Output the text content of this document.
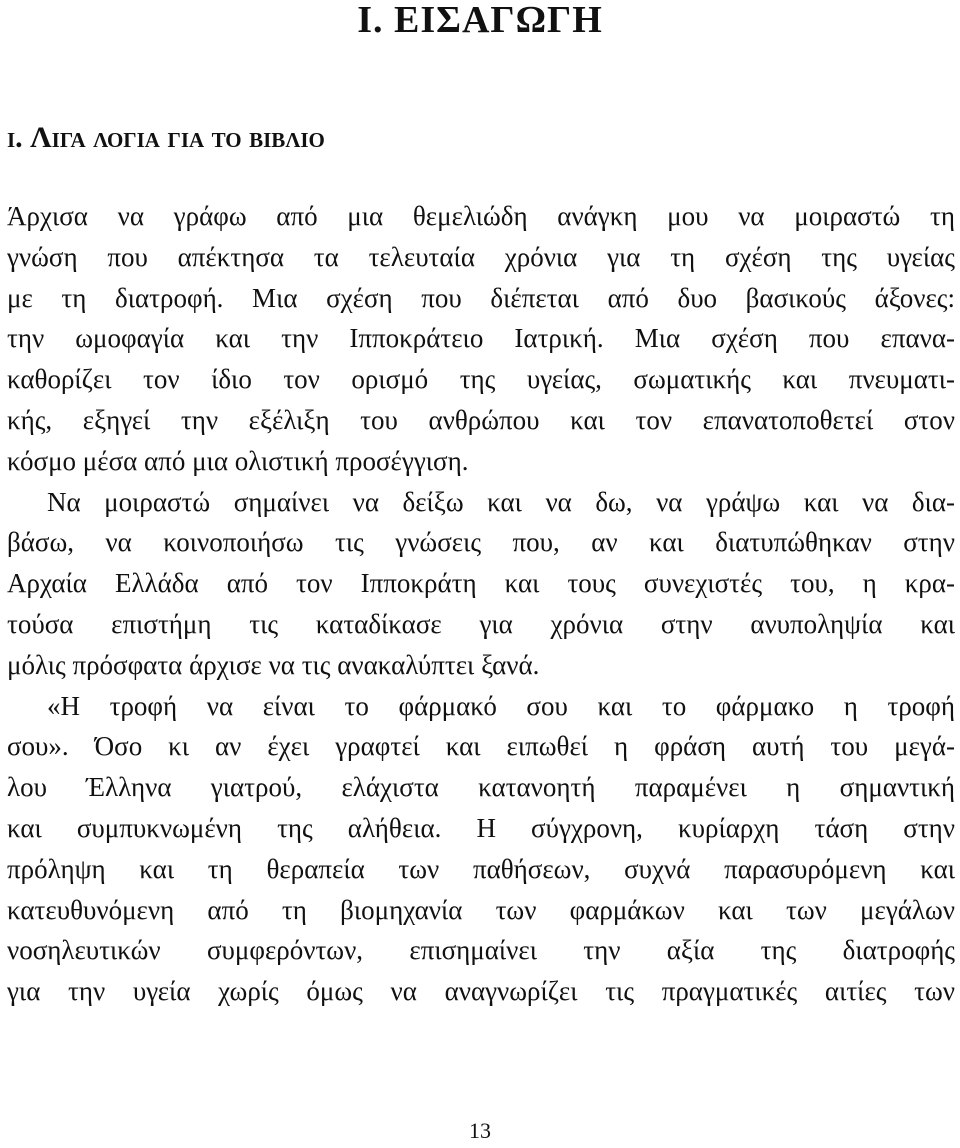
I. ΕΙΣΑΓΩΓΗ
i. Λιγα λογια για το βιβλιο
Άρχισα να γράφω από μια θεμελιώδη ανάγκη μου να μοιραστώ τη
γνώση που απέκτησα τα τελευταία χρόνια για τη σχέση της υγείας
με τη διατροφή. Μια σχέση που διέπεται από δυο βασικούς άξονες:
την ωμοφαγία και την Ιπποκράτειο Ιατρική. Μια σχέση που επανα-
καθορίζει τον ίδιο τον ορισμό της υγείας, σωματικής και πνευματι-
κής, εξηγεί την εξέλιξη του ανθρώπου και τον επανατοποθετεί στον
κόσμο μέσα από μια ολιστική προσέγγιση.
Να μοιραστώ σημαίνει να δείξω και να δω, να γράψω και να δια-
βάσω, να κοινοποιήσω τις γνώσεις που, αν και διατυπώθηκαν στην
Αρχαία Ελλάδα από τον Ιπποκράτη και τους συνεχιστές του, η κρα-
τούσα επιστήμη τις καταδίκασε για χρόνια στην ανυποληψία και
μόλις πρόσφατα άρχισε να τις ανακαλύπτει ξανά.
«Η τροφή να είναι το φάρμακό σου και το φάρμακο η τροφή
σου». Όσο κι αν έχει γραφτεί και ειπωθεί η φράση αυτή του μεγά-
λου Έλληνα γιατρού, ελάχιστα κατανοητή παραμένει η σημαντική
και συμπυκνωμένη της αλήθεια. Η σύγχρονη, κυρίαρχη τάση στην
πρόληψη και τη θεραπεία των παθήσεων, συχνά παρασυρόμενη και
κατευθυνόμενη από τη βιομηχανία των φαρμάκων και των μεγάλων
νοσηλευτικών συμφερόντων, επισημαίνει την αξία της διατροφής
για την υγεία χωρίς όμως να αναγνωρίζει τις πραγματικές αιτίες των
13
